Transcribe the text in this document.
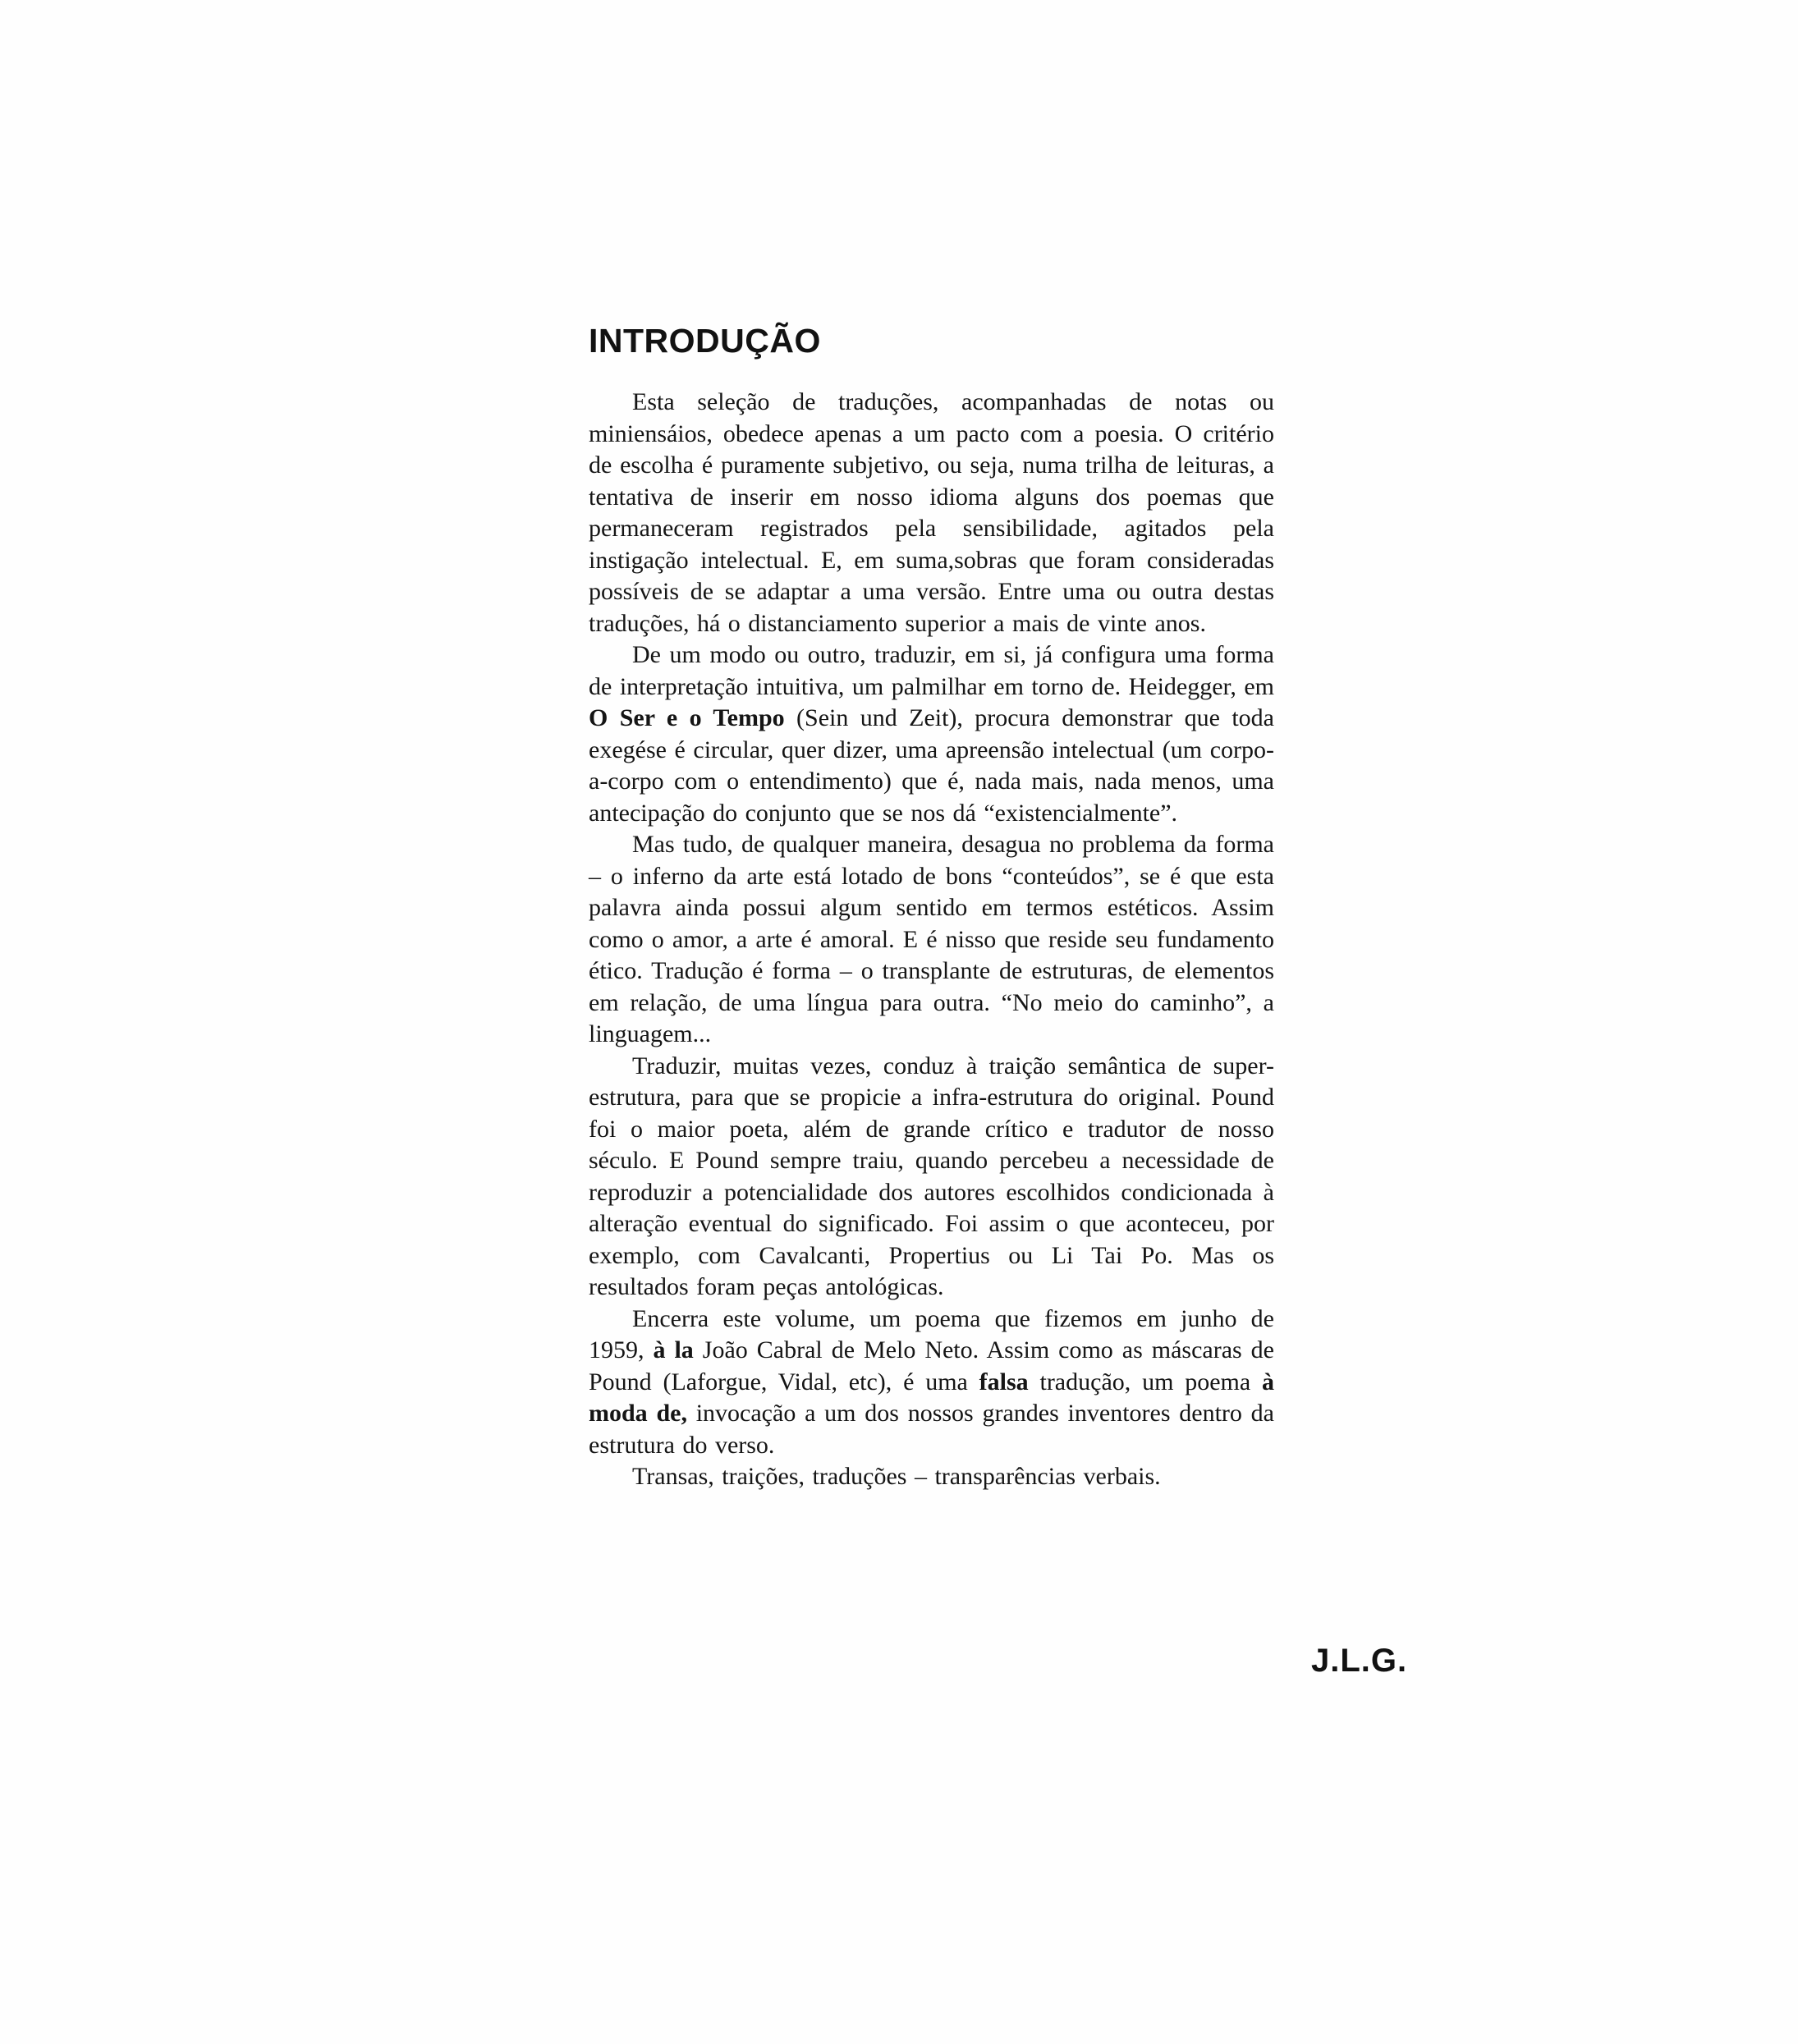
INTRODUÇÃO

Esta seleção de traduções, acompanhadas de notas ou miniensáios, obedece apenas a um pacto com a poesia. O critério de escolha é puramente subjetivo, ou seja, numa trilha de leituras, a tentativa de inserir em nosso idioma alguns dos poemas que permaneceram registrados pela sensibilidade, agitados pela instigação intelectual. E, em suma,sobras que foram consideradas possíveis de se adaptar a uma versão. Entre uma ou outra destas traduções, há o distanciamento superior a mais de vinte anos.

De um modo ou outro, traduzir, em si, já configura uma forma de interpretação intuitiva, um palmilhar em torno de. Heidegger, em O Ser e o Tempo (Sein und Zeit), procura demonstrar que toda exegése é circular, quer dizer, uma apreensão intelectual (um corpo-a-corpo com o entendimento) que é, nada mais, nada menos, uma antecipação do conjunto que se nos dá “existencialmente”.

Mas tudo, de qualquer maneira, desagua no problema da forma – o inferno da arte está lotado de bons “conteúdos”, se é que esta palavra ainda possui algum sentido em termos estéticos. Assim como o amor, a arte é amoral. E é nisso que reside seu fundamento ético. Tradução é forma – o transplante de estruturas, de elementos em relação, de uma língua para outra. “No meio do caminho”, a linguagem...

Traduzir, muitas vezes, conduz à traição semântica de super-estrutura, para que se propicie a infra-estrutura do original. Pound foi o maior poeta, além de grande crítico e tradutor de nosso século. E Pound sempre traiu, quando percebeu a necessidade de reproduzir a potencialidade dos autores escolhidos condicionada à alteração eventual do significado. Foi assim o que aconteceu, por exemplo, com Cavalcanti, Propertius ou Li Tai Po. Mas os resultados foram peças antológicas.

Encerra este volume, um poema que fizemos em junho de 1959, à la João Cabral de Melo Neto. Assim como as máscaras de Pound (Laforgue, Vidal, etc), é uma falsa tradução, um poema à moda de, invocação a um dos nossos grandes inventores dentro da estrutura do verso.

Transas, traições, traduções – transparências verbais.

J.L.G.
